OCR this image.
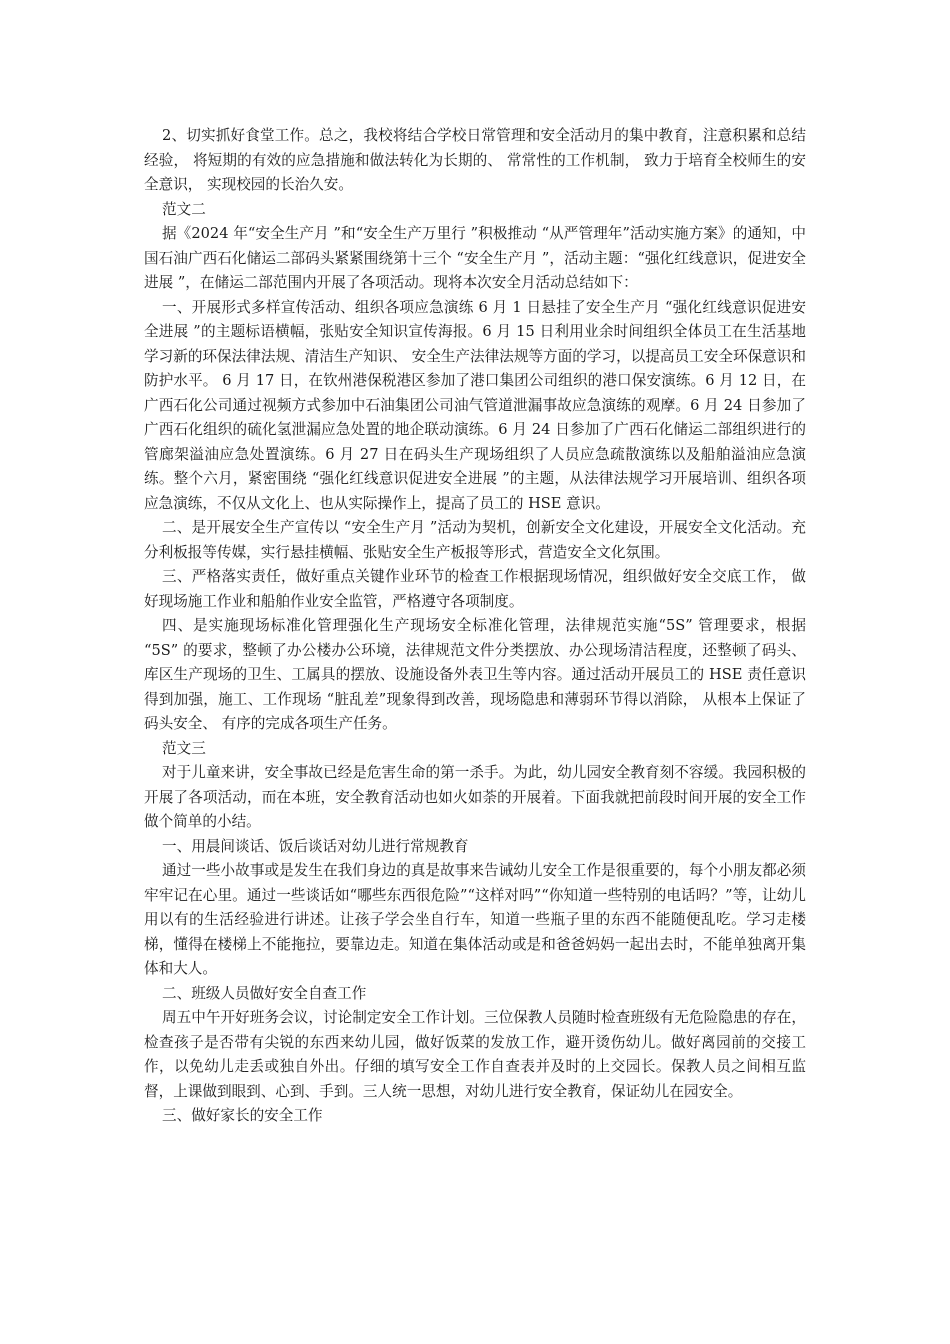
2、切实抓好食堂工作。总之，我校将结合学校日常管理和安全活动月的集中教育，注意积累和总结经验， 将短期的有效的应急措施和做法转化为长期的、 常常性的工作机制， 致力于培育全校师生的安全意识， 实现校园的长治久安。

范文二

据《2024 年“安全生产月 ”和“安全生产万里行 ”积极推动 “从严管理年”活动实施方案》的通知，中国石油广西石化储运二部码头紧紧围绕第十三个 “安全生产月 ”，活动主题：“强化红线意识，促进安全进展 ”，在储运二部范围内开展了各项活动。现将本次安全月活动总结如下：

一、开展形式多样宣传活动、组织各项应急演练 6 月 1 日悬挂了安全生产月 “强化红线意识促进安全进展 ”的主题标语横幅，张贴安全知识宣传海报。6 月 15 日利用业余时间组织全体员工在生活基地学习新的环保法律法规、清洁生产知识、 安全生产法律法规等方面的学习，以提高员工安全环保意识和防护水平。 6 月 17 日，在钦州港保税港区参加了港口集团公司组织的港口保安演练。6 月 12 日，在广西石化公司通过视频方式参加中石油集团公司油气管道泄漏事故应急演练的观摩。6 月 24 日参加了广西石化组织的硫化氢泄漏应急处置的地企联动演练。6 月 24 日参加了广西石化储运二部组织进行的管廊架溢油应急处置演练。6 月 27 日在码头生产现场组织了人员应急疏散演练以及船舶溢油应急演练。整个六月，紧密围绕 “强化红线意识促进安全进展 ”的主题，从法律法规学习开展培训、组织各项应急演练，不仅从文化上、也从实际操作上，提高了员工的 HSE 意识。

二、是开展安全生产宣传以 “安全生产月 ”活动为契机，创新安全文化建设，开展安全文化活动。充分利板报等传媒，实行悬挂横幅、张贴安全生产板报等形式，营造安全文化氛围。

三、严格落实责任，做好重点关键作业环节的检查工作根据现场情况，组织做好安全交底工作， 做好现场施工作业和船舶作业安全监管，严格遵守各项制度。

四、是实施现场标准化管理强化生产现场安全标准化管理，法律规范实施“5S” 管理要求，根据 “5S” 的要求，整顿了办公楼办公环境，法律规范文件分类摆放、办公现场清洁程度，还整顿了码头、库区生产现场的卫生、工属具的摆放、设施设备外表卫生等内容。通过活动开展员工的 HSE 责任意识得到加强，施工、工作现场 “脏乱差”现象得到改善，现场隐患和薄弱环节得以消除， 从根本上保证了码头安全、 有序的完成各项生产任务。

范文三

对于儿童来讲，安全事故已经是危害生命的第一杀手。为此，幼儿园安全教育刻不容缓。我园积极的开展了各项活动，而在本班，安全教育活动也如火如荼的开展着。下面我就把前段时间开展的安全工作做个简单的小结。

一、用晨间谈话、饭后谈话对幼儿进行常规教育

通过一些小故事或是发生在我们身边的真是故事来告诫幼儿安全工作是很重要的，每个小朋友都必须牢牢记在心里。通过一些谈话如“哪些东西很危险”“这样对吗”“你知道一些特别的电话吗？”等，让幼儿用以有的生活经验进行讲述。让孩子学会坐自行车，知道一些瓶子里的东西不能随便乱吃。学习走楼梯，懂得在楼梯上不能拖拉，要靠边走。知道在集体活动或是和爸爸妈妈一起出去时，不能单独离开集体和大人。

二、班级人员做好安全自查工作

周五中午开好班务会议，讨论制定安全工作计划。三位保教人员随时检查班级有无危险隐患的存在，检查孩子是否带有尖锐的东西来幼儿园，做好饭菜的发放工作，避开烫伤幼儿。做好离园前的交接工作，以免幼儿走丢或独自外出。仔细的填写安全工作自查表并及时的上交园长。保教人员之间相互监督，上课做到眼到、心到、手到。三人统一思想，对幼儿进行安全教育，保证幼儿在园安全。

三、做好家长的安全工作
